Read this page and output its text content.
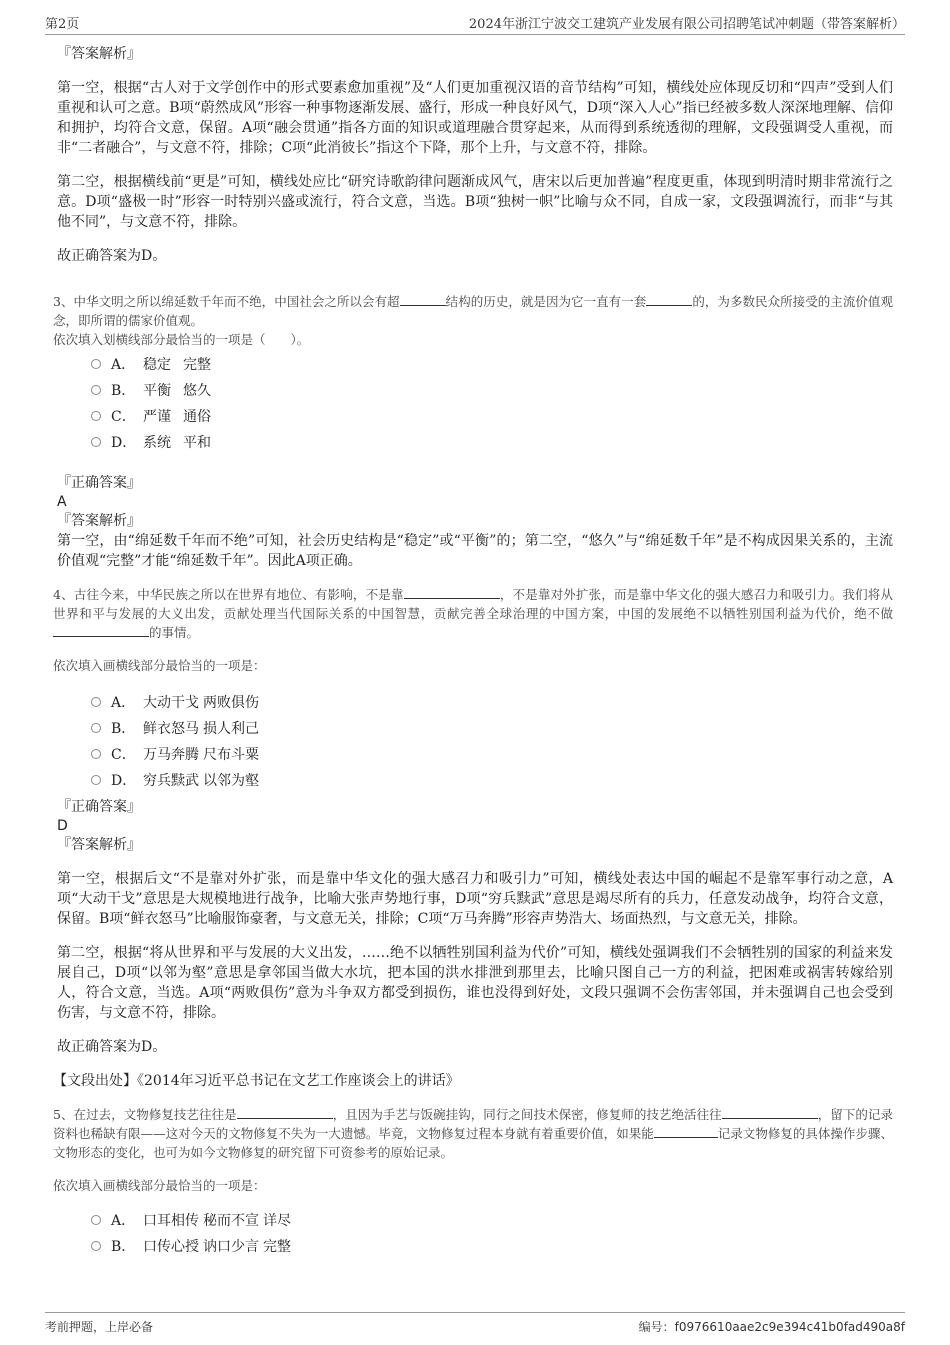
第2页	2024年浙江宁波交工建筑产业发展有限公司招聘笔试冲刺题（带答案解析）

『答案解析』

第一空，根据“古人对于文学创作中的形式要素愈加重视”及“人们更加重视汉语的音节结构”可知，横线处应体现反切和“四声”受到人们重视和认可之意。B项“蔚然成风”形容一种事物逐渐发展、盛行，形成一种良好风气，D项“深入人心”指已经被多数人深深地理解、信仰和拥护，均符合文意，保留。A项“融会贯通”指各方面的知识或道理融合贯穿起来，从而得到系统透彻的理解，文段强调受人重视，而非“二者融合”，与文意不符，排除；C项“此消彼长”指这个下降，那个上升，与文意不符，排除。

第二空，根据横线前“更是”可知，横线处应比“研究诗歌韵律问题渐成风气，唐宋以后更加普遍”程度更重，体现到明清时期非常流行之意。D项“盛极一时”形容一时特别兴盛或流行，符合文意，当选。B项“独树一帜”比喻与众不同，自成一家，文段强调流行，而非“与其他不同”，与文意不符，排除。

故正确答案为D。

3、中华文明之所以绵延数千年而不绝，中国社会之所以会有超	结构的历史，就是因为它一直有一套	的，为多数民众所接受的主流价值观念，即所谓的儒家价值观。

依次填入划横线部分最恰当的一项是（　　）。

A． 稳定 完整
B． 平衡 悠久
C． 严谨 通俗
D． 系统 平和

『正确答案』

A

『答案解析』

第一空，由“绵延数千年而不绝”可知，社会历史结构是“稳定”或“平衡”的；第二空，“悠久”与“绵延数千年”是不构成因果关系的，主流价值观“完整”才能“绵延数千年”。因此A项正确。

4、古往今来，中华民族之所以在世界有地位、有影响，不是靠	，不是靠对外扩张，而是靠中华文化的强大感召力和吸引力。我们将从世界和平与发展的大义出发，贡献处理当代国际关系的中国智慧，贡献完善全球治理的中国方案，中国的发展绝不以牺牲别国利益为代价，绝不做的事情。

依次填入画横线部分最恰当的一项是：

A． 大动干戈 两败俱伤
B． 鲜衣怒马 损人利己
C． 万马奔腾 尺布斗粟
D． 穷兵黩武 以邻为壑

『正确答案』

D

『答案解析』

第一空，根据后文“不是靠对外扩张，而是靠中华文化的强大感召力和吸引力”可知，横线处表达中国的崛起不是靠军事行动之意，A项“大动干戈”意思是大规模地进行战争，比喻大张声势地行事，D项“穷兵黩武”意思是竭尽所有的兵力，任意发动战争，均符合文意，保留。B项“鲜衣怒马”比喻服饰豪奢，与文意无关，排除；C项“万马奔腾”形容声势浩大、场面热烈，与文意无关，排除。

第二空，根据“将从世界和平与发展的大义出发，……绝不以牺牲别国利益为代价”可知，横线处强调我们不会牺牲别的国家的利益来发展自己，D项“以邻为壑”意思是拿邻国当做大水坑，把本国的洪水排泄到那里去，比喻只图自己一方的利益，把困难或祸害转嫁给别人，符合文意，当选。A项“两败俱伤”意为斗争双方都受到损伤，谁也没得到好处，文段只强调不会伤害邻国，并未强调自己也会受到伤害，与文意不符，排除。

故正确答案为D。

【文段出处】《2014年习近平总书记在文艺工作座谈会上的讲话》

5、在过去，文物修复技艺往往是	，且因为手艺与饭碗挂钩，同行之间技术保密，修复师的技艺绝活往往	，留下的记录资料也稀缺有限——这对今天的文物修复不失为一大遗憾。毕竟，文物修复过程本身就有着重要价值，如果能	记录文物修复的具体操作步骤、文物形态的变化，也可为如今文物修复的研究留下可资参考的原始记录。

依次填入画横线部分最恰当的一项是：

A． 口耳相传 秘而不宣 详尽
B． 口传心授 讷口少言 完整
考前押题，上岸必备	编号：f0976610aae2c9e394c41b0fad490a8f
